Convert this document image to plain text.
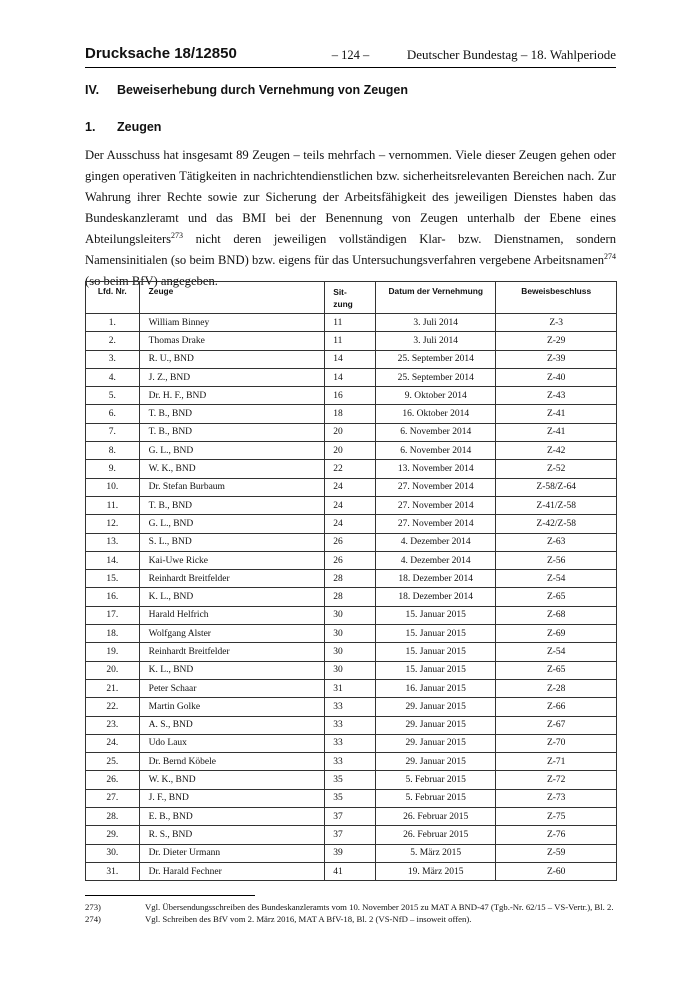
Drucksache 18/12850	– 124 –	Deutscher Bundestag – 18. Wahlperiode
IV. Beweiserhebung durch Vernehmung von Zeugen
1. Zeugen

Der Ausschuss hat insgesamt 89 Zeugen – teils mehrfach – vernommen. Viele dieser Zeugen gehen oder gingen operativen Tätigkeiten in nachrichtendienstlichen bzw. sicherheitsrelevanten Bereichen nach. Zur Wahrung ihrer Rechte sowie zur Sicherung der Arbeitsfähigkeit des jeweiligen Dienstes haben das Bundeskanzleramt und das BMI bei der Benennung von Zeugen unterhalb der Ebene eines Abteilungsleiters$^{273}$ nicht deren jeweiligen vollständigen Klar- bzw. Dienstnamen, sondern Namensinitialen (so beim BND) bzw. eigens für das Untersuchungsverfahren vergebene Arbeitsnamen$^{274}$ (so beim BfV) angegeben.

Lfd. Nr.	Zeuge	Sit-
zung	Datum der Vernehmung	Beweisbeschluss
1.	William Binney	11	3. Juli 2014	Z-3
2.	Thomas Drake	11	3. Juli 2014	Z-29
3.	R. U., BND	14	25. September 2014	Z-39
4.	J. Z., BND	14	25. September 2014	Z-40
5.	Dr. H. F., BND	16	9. Oktober 2014	Z-43
6.	T. B., BND	18	16. Oktober 2014	Z-41
7.	T. B., BND	20	6. November 2014	Z-41
8.	G. L., BND	20	6. November 2014	Z-42
9.	W. K., BND	22	13. November 2014	Z-52
10.	Dr. Stefan Burbaum	24	27. November 2014	Z-58/Z-64
11.	T. B., BND	24	27. November 2014	Z-41/Z-58
12.	G. L., BND	24	27. November 2014	Z-42/Z-58
13.	S. L., BND	26	4. Dezember 2014	Z-63
14.	Kai-Uwe Ricke	26	4. Dezember 2014	Z-56
15.	Reinhardt Breitfelder	28	18. Dezember 2014	Z-54
16.	K. L., BND	28	18. Dezember 2014	Z-65
17.	Harald Helfrich	30	15. Januar 2015	Z-68
18.	Wolfgang Alster	30	15. Januar 2015	Z-69
19.	Reinhardt Breitfelder	30	15. Januar 2015	Z-54
20.	K. L., BND	30	15. Januar 2015	Z-65
21.	Peter Schaar	31	16. Januar 2015	Z-28
22.	Martin Golke	33	29. Januar 2015	Z-66
23.	A. S., BND	33	29. Januar 2015	Z-67
24.	Udo Laux	33	29. Januar 2015	Z-70
25.	Dr. Bernd Köbele	33	29. Januar 2015	Z-71
26.	W. K., BND	35	5. Februar 2015	Z-72
27.	J. F., BND	35	5. Februar 2015	Z-73
28.	E. B., BND	37	26. Februar 2015	Z-75
29.	R. S., BND	37	26. Februar 2015	Z-76
30.	Dr. Dieter Urmann	39	5. März 2015	Z-59
31.	Dr. Harald Fechner	41	19. März 2015	Z-60
273)	Vgl. Übersendungsschreiben des Bundeskanzleramts vom 10. November 2015 zu MAT A BND-47 (Tgb.-Nr. 62/15 – VS-Vertr.), Bl. 2.
274)	Vgl. Schreiben des BfV vom 2. März 2016, MAT A BfV-18, Bl. 2 (VS-NfD – insoweit offen).
